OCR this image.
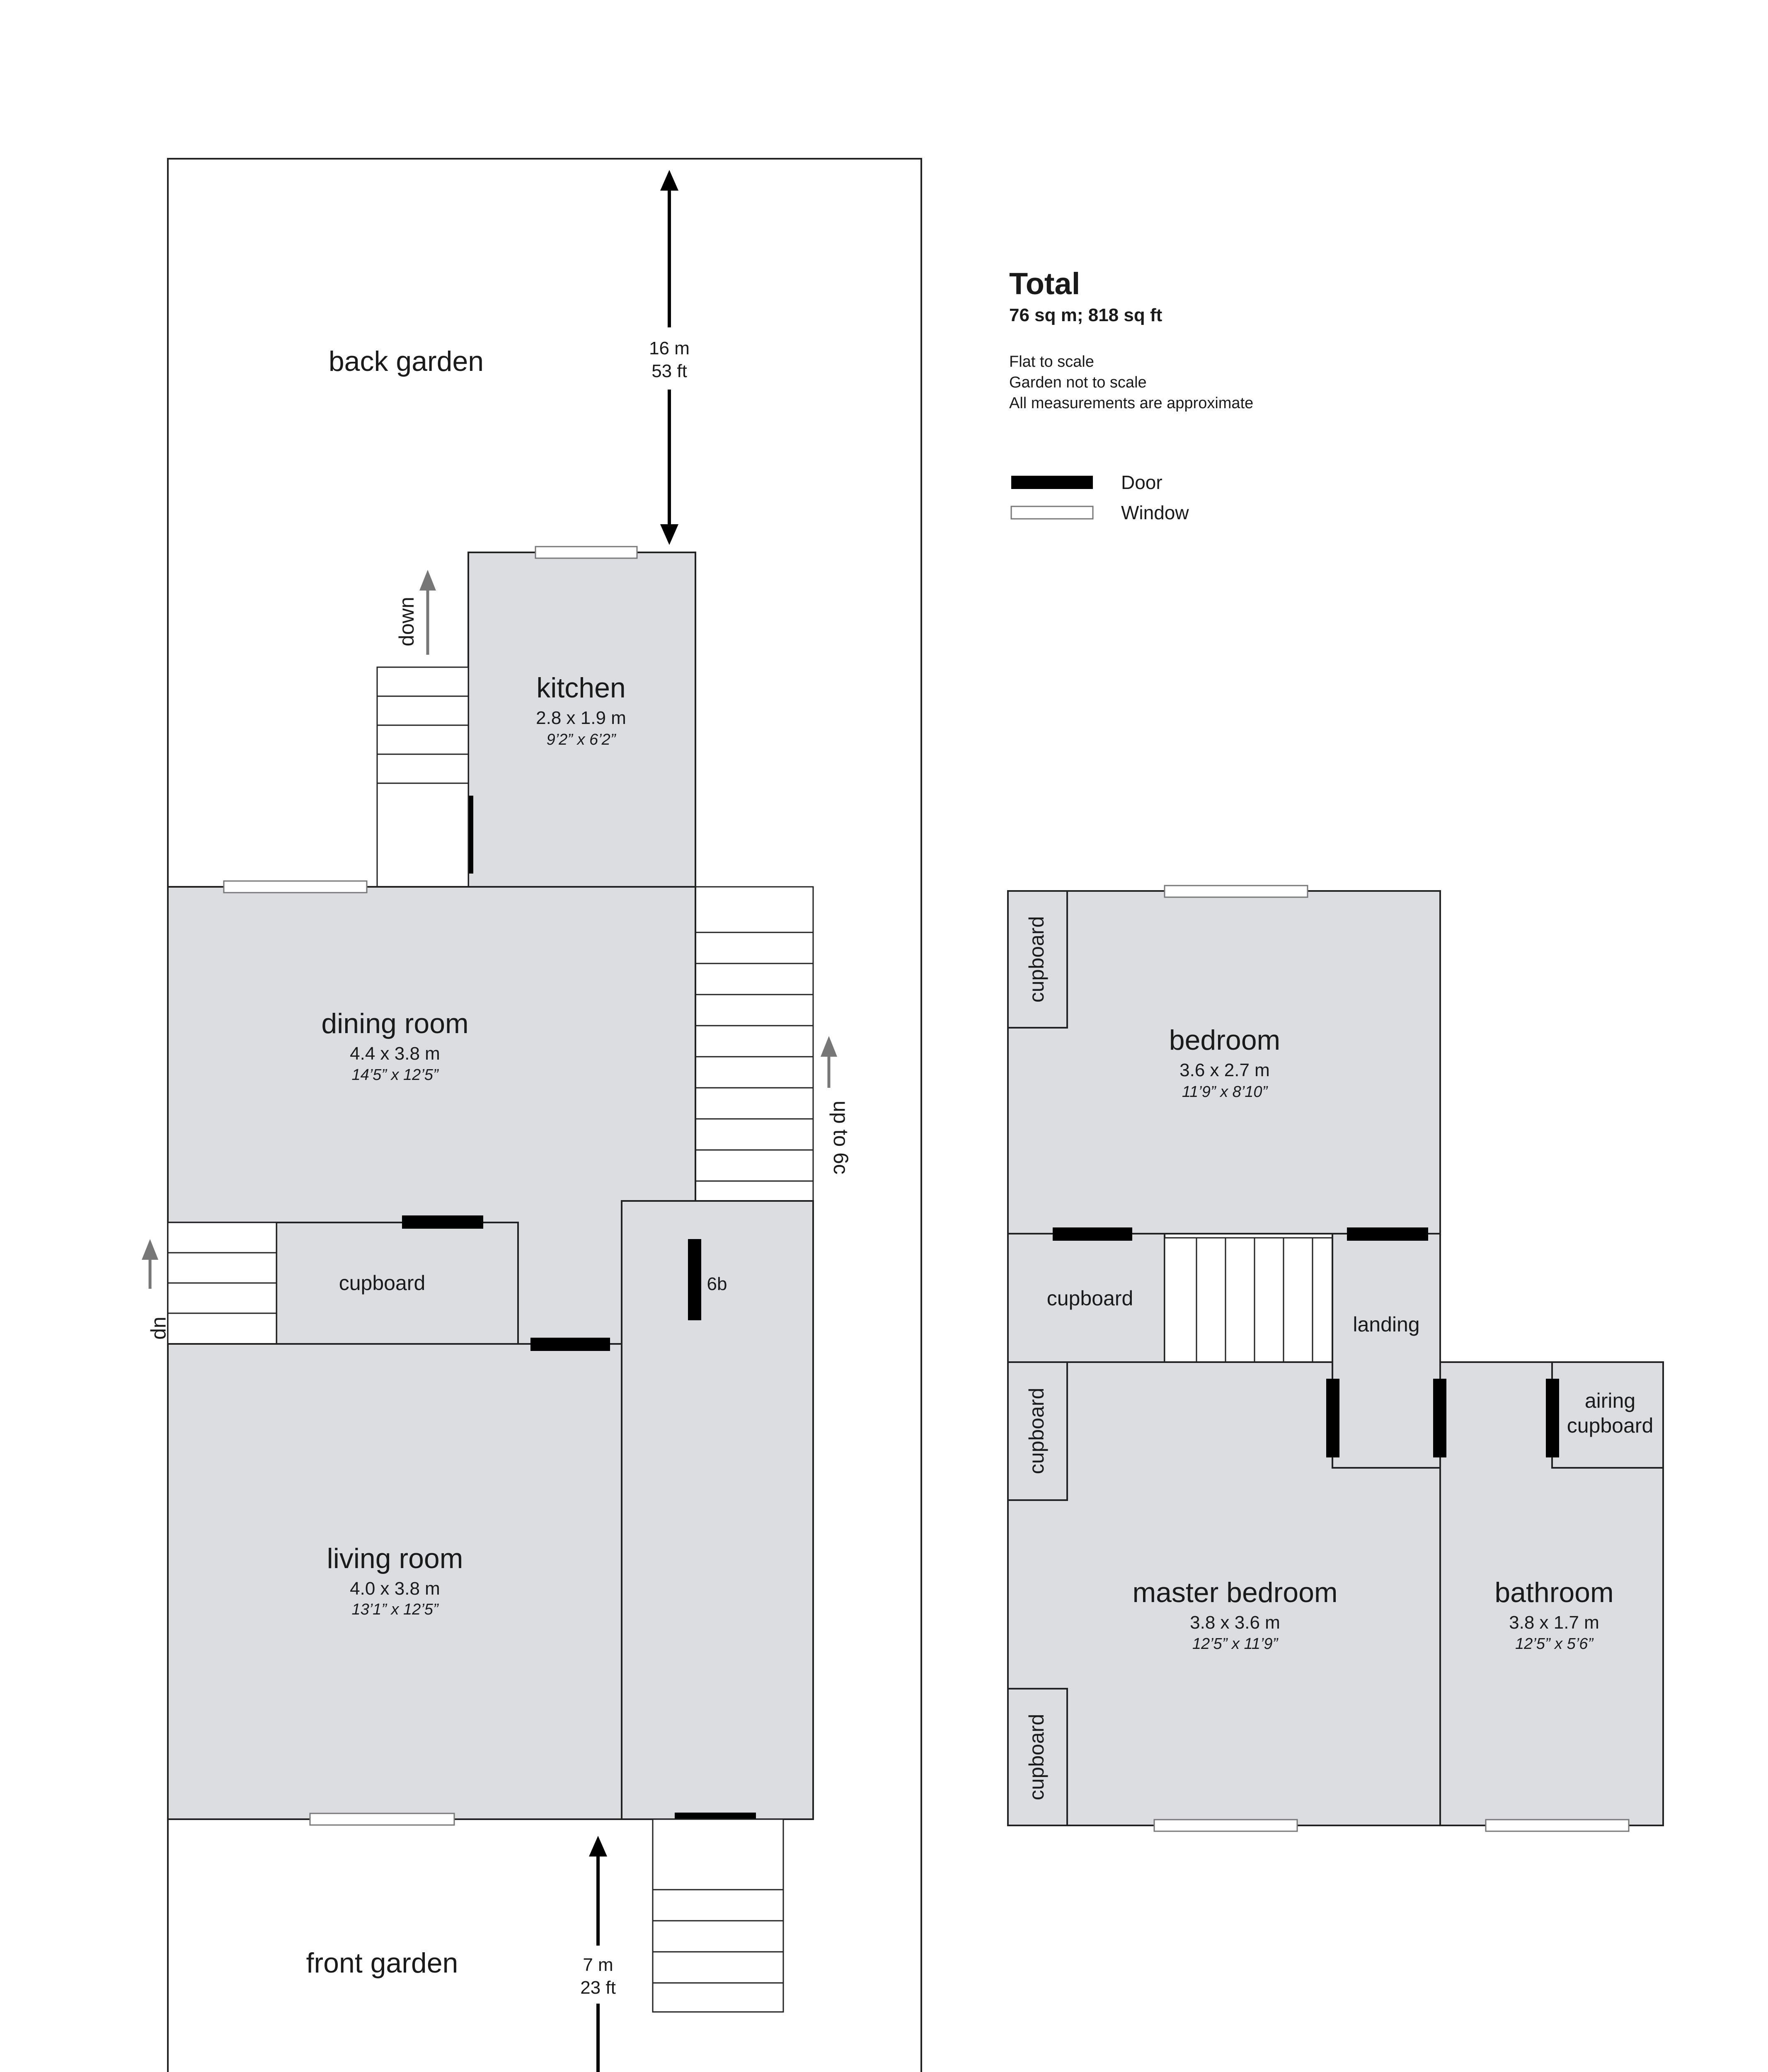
back garden	16 m
53 ft
kitchen
2.8 x 1.9 m
9’2” x 6’2”
down
up to 6c
dining room
4.4 x 3.8 m
14’5” x 12’5”
cupboard
up
6b
living room
4.0 x 3.8 m
13’1” x 12’5”
front garden	7 m
23 ft
cupboard
bedroom
3.6 x 2.7 m
11’9” x 8’10”
cupboard
landing
cupboard
cupboard
master bedroom
3.8 x 3.6 m
12’5” x 11’9”
bathroom
3.8 x 1.7 m
12’5” x 5’6”
airing
cupboard
Total
76 sq m; 818 sq ft
Flat to scale
Garden not to scale
All measurements are approximate
Door
Window
